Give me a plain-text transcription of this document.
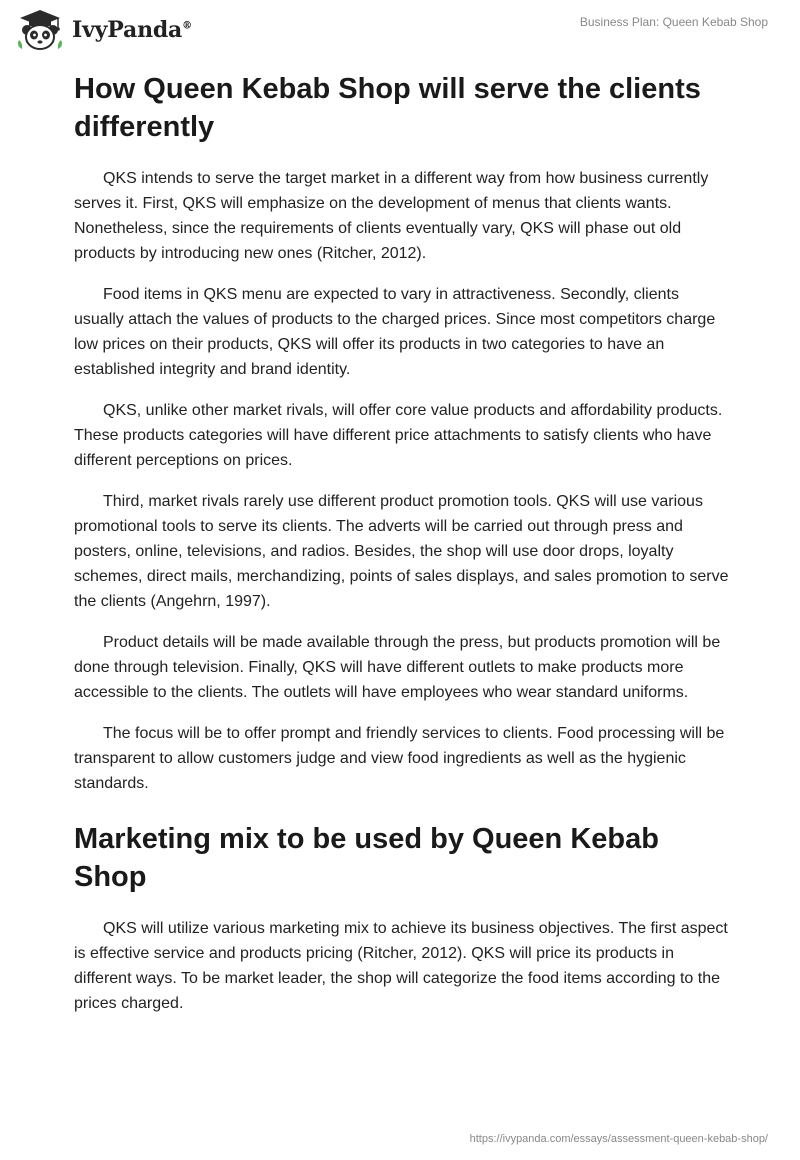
IvyPanda®	Business Plan: Queen Kebab Shop
How Queen Kebab Shop will serve the clients differently

QKS intends to serve the target market in a different way from how business currently serves it. First, QKS will emphasize on the development of menus that clients wants. Nonetheless, since the requirements of clients eventually vary, QKS will phase out old products by introducing new ones (Ritcher, 2012).

Food items in QKS menu are expected to vary in attractiveness. Secondly, clients usually attach the values of products to the charged prices. Since most competitors charge low prices on their products, QKS will offer its products in two categories to have an established integrity and brand identity.

QKS, unlike other market rivals, will offer core value products and affordability products. These products categories will have different price attachments to satisfy clients who have different perceptions on prices.

Third, market rivals rarely use different product promotion tools. QKS will use various promotional tools to serve its clients. The adverts will be carried out through press and posters, online, televisions, and radios. Besides, the shop will use door drops, loyalty schemes, direct mails, merchandizing, points of sales displays, and sales promotion to serve the clients (Angehrn, 1997).

Product details will be made available through the press, but products promotion will be done through television. Finally, QKS will have different outlets to make products more accessible to the clients. The outlets will have employees who wear standard uniforms.

The focus will be to offer prompt and friendly services to clients. Food processing will be transparent to allow customers judge and view food ingredients as well as the hygienic standards.

Marketing mix to be used by Queen Kebab Shop

QKS will utilize various marketing mix to achieve its business objectives. The first aspect is effective service and products pricing (Ritcher, 2012). QKS will price its products in different ways. To be market leader, the shop will categorize the food items according to the prices charged.

https://ivypanda.com/essays/assessment-queen-kebab-shop/
